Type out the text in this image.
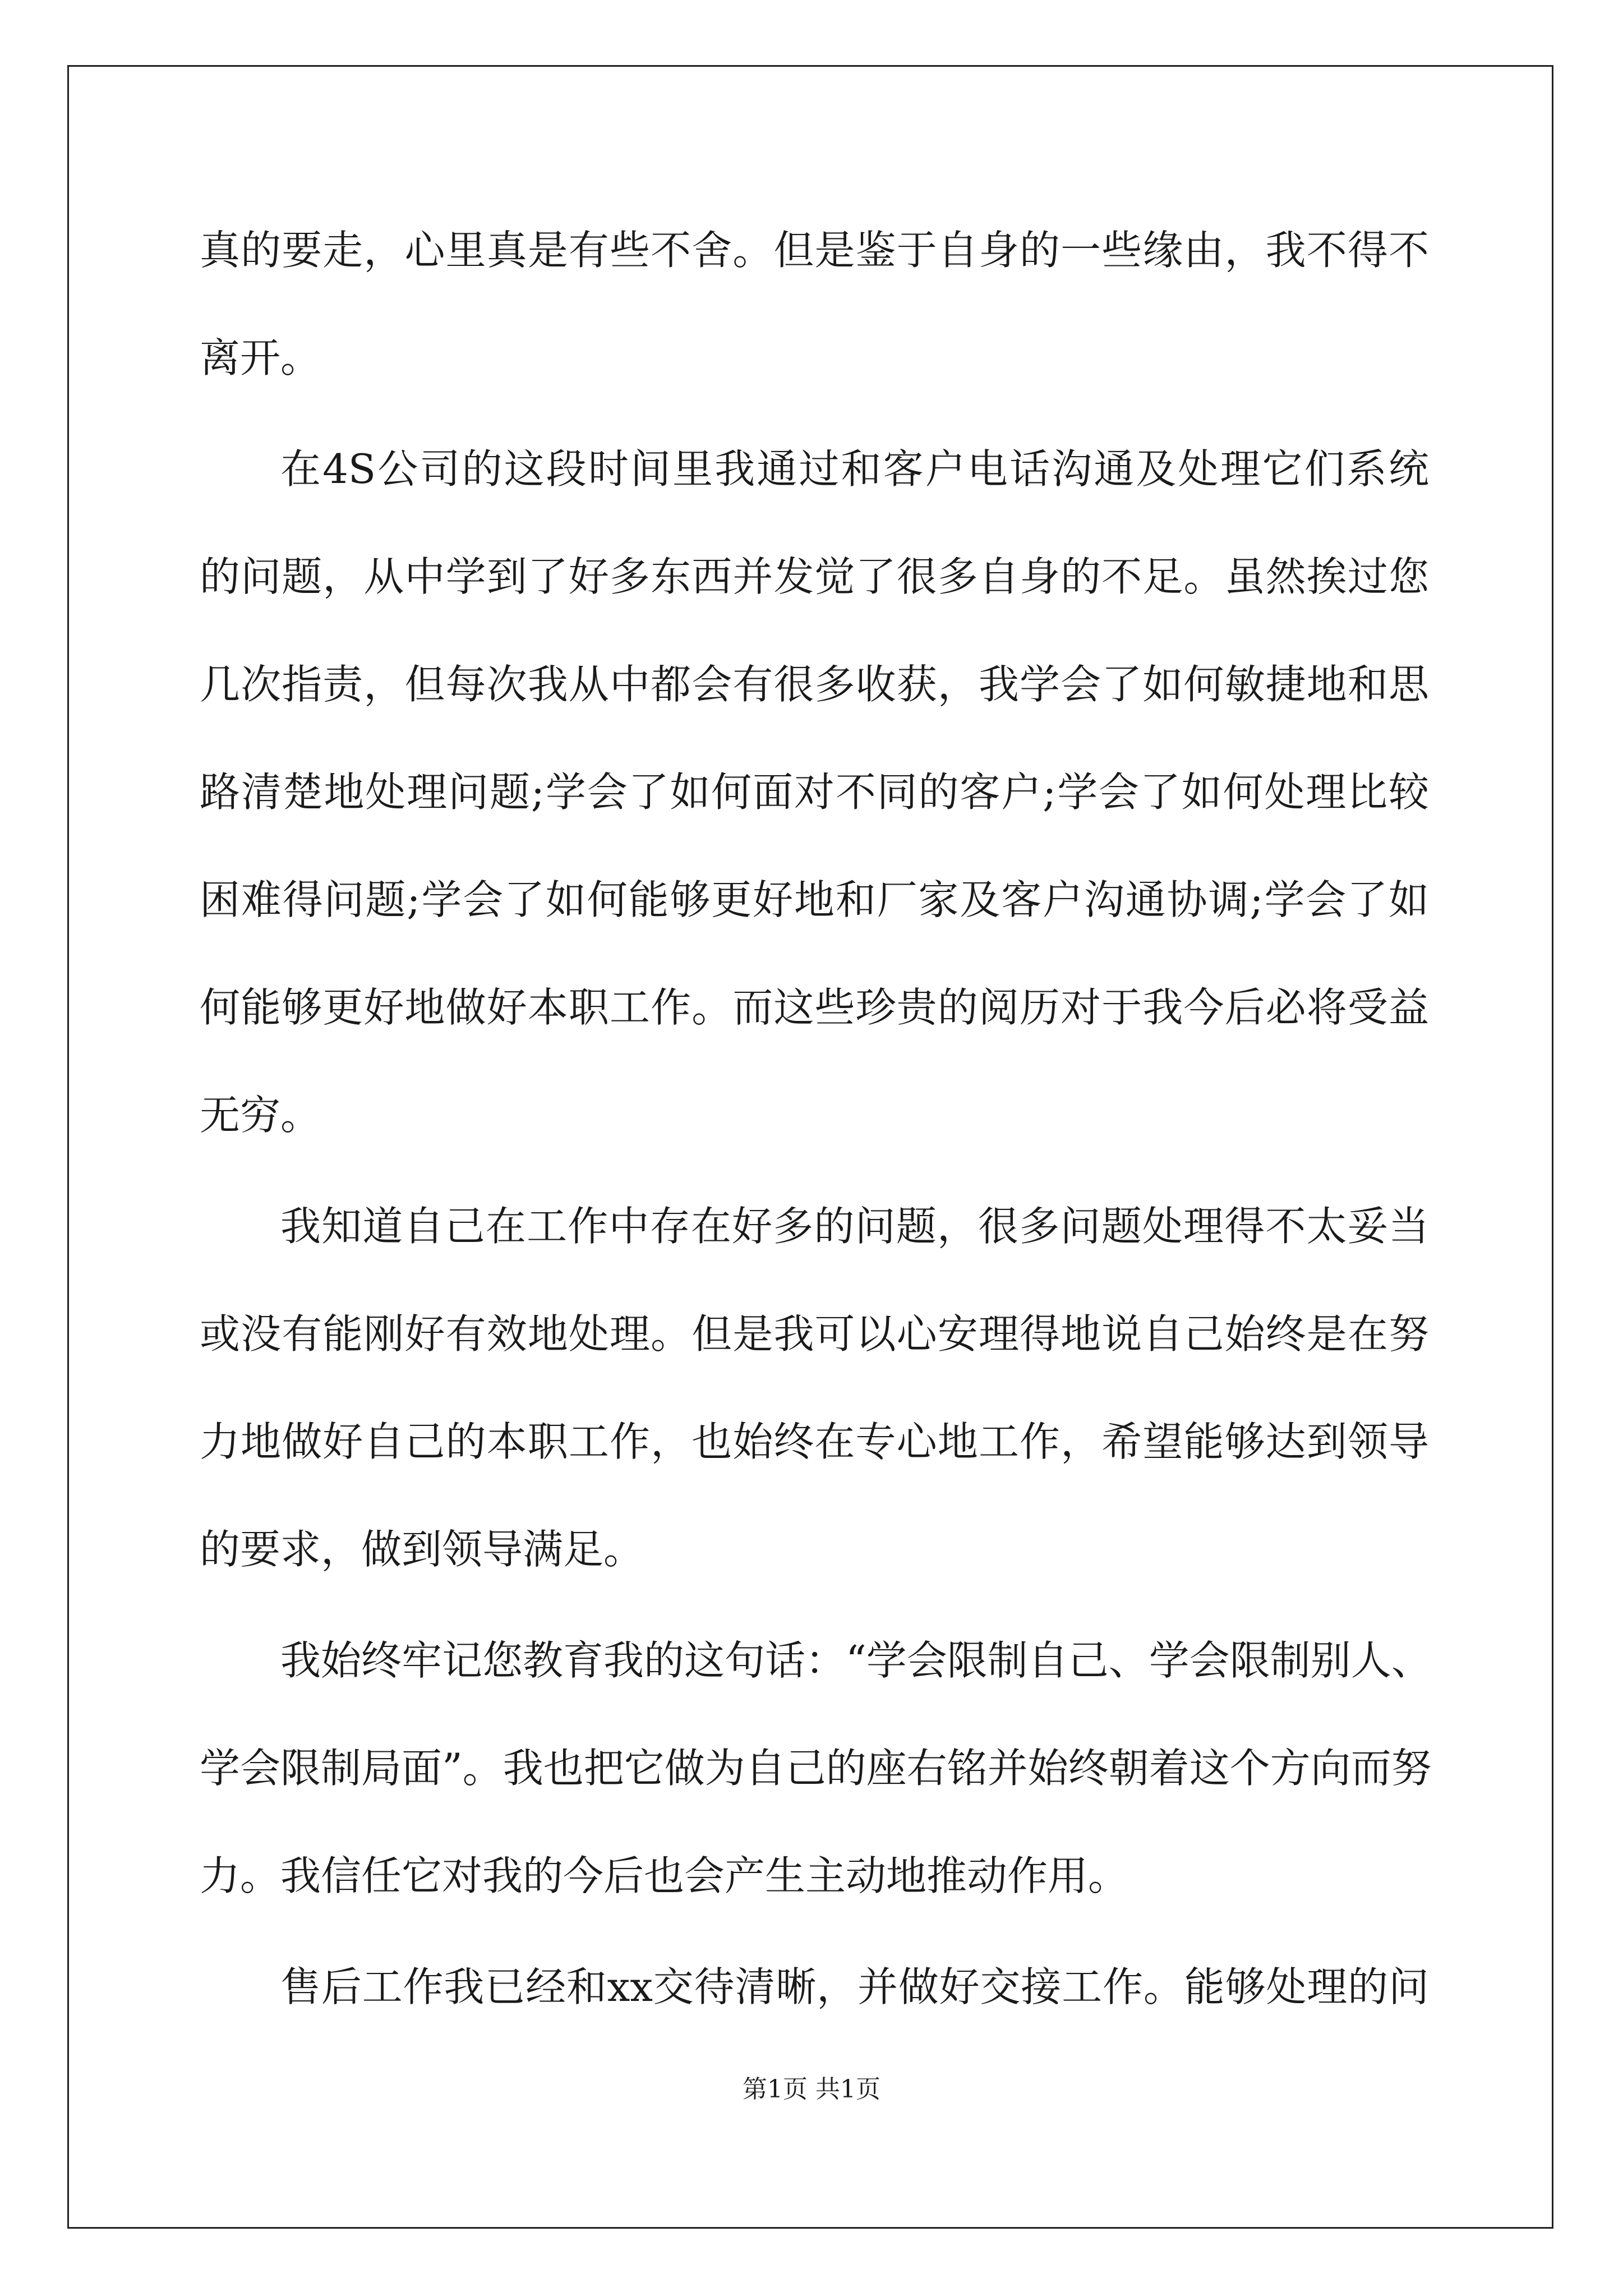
真的要走，心里真是有些不舍。但是鉴于自身的一些缘由，我不得不
离开。
在4S公司的这段时间里我通过和客户电话沟通及处理它们系统
的问题，从中学到了好多东西并发觉了很多自身的不足。虽然挨过您
几次指责，但每次我从中都会有很多收获，我学会了如何敏捷地和思
路清楚地处理问题;学会了如何面对不同的客户;学会了如何处理比较
困难得问题;学会了如何能够更好地和厂家及客户沟通协调;学会了如
何能够更好地做好本职工作。而这些珍贵的阅历对于我今后必将受益
无穷。
我知道自己在工作中存在好多的问题，很多问题处理得不太妥当
或没有能刚好有效地处理。但是我可以心安理得地说自己始终是在努
力地做好自己的本职工作，也始终在专心地工作，希望能够达到领导
的要求，做到领导满足。
我始终牢记您教育我的这句话：“学会限制自己、学会限制别人、
学会限制局面”。我也把它做为自己的座右铭并始终朝着这个方向而努
力。我信任它对我的今后也会产生主动地推动作用。
售后工作我已经和xx交待清晰，并做好交接工作。能够处理的问
第1页 共1页
